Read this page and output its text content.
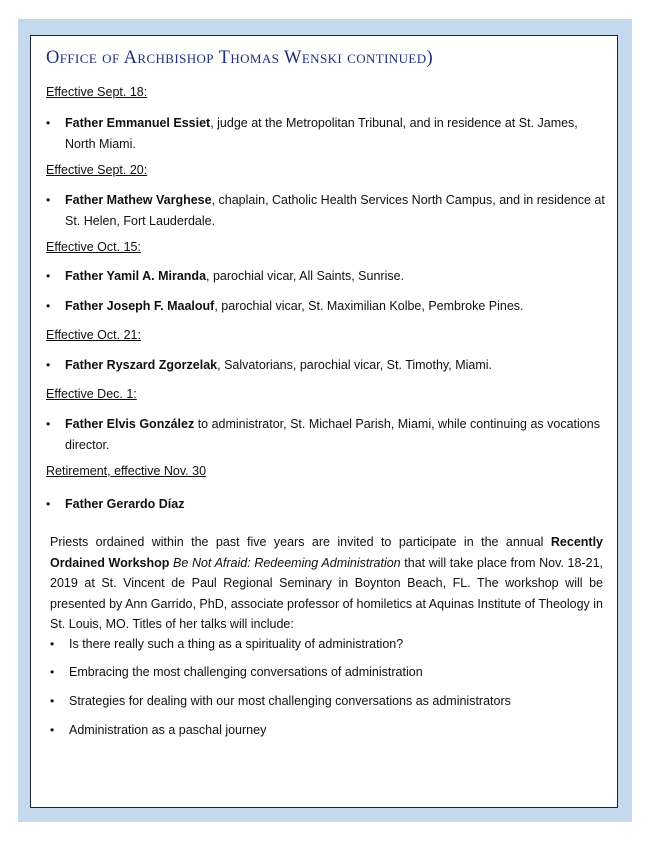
Office of Archbishop Thomas Wenski continued)
Effective Sept. 18:
•	Father Emmanuel Essiet, judge at the Metropolitan Tribunal, and in residence at St. James, North Miami.
Effective Sept. 20:
•	Father Mathew Varghese, chaplain, Catholic Health Services North Campus, and in residence at St. Helen, Fort Lauderdale.
Effective Oct. 15:
•	Father Yamil A. Miranda, parochial vicar, All Saints, Sunrise.
•	Father Joseph F. Maalouf, parochial vicar, St. Maximilian Kolbe, Pembroke Pines.
Effective Oct. 21:
•	Father Ryszard Zgorzelak, Salvatorians, parochial vicar, St. Timothy, Miami.
Effective Dec. 1:
•	Father Elvis González to administrator, St. Michael Parish, Miami, while continuing as vocations director.
Retirement, effective Nov. 30
•	Father Gerardo Díaz
Priests ordained within the past five years are invited to participate in the annual Recently Ordained Workshop Be Not Afraid: Redeeming Administration that will take place from Nov. 18-21, 2019 at St. Vincent de Paul Regional Seminary in Boynton Beach, FL. The workshop will be presented by Ann Garrido, PhD, associate professor of homiletics at Aquinas Institute of Theology in St. Louis, MO. Titles of her talks will include:
•	Is there really such a thing as a spirituality of administration?
•	Embracing the most challenging conversations of administration
•	Strategies for dealing with our most challenging conversations as administrators
•	Administration as a paschal journey
